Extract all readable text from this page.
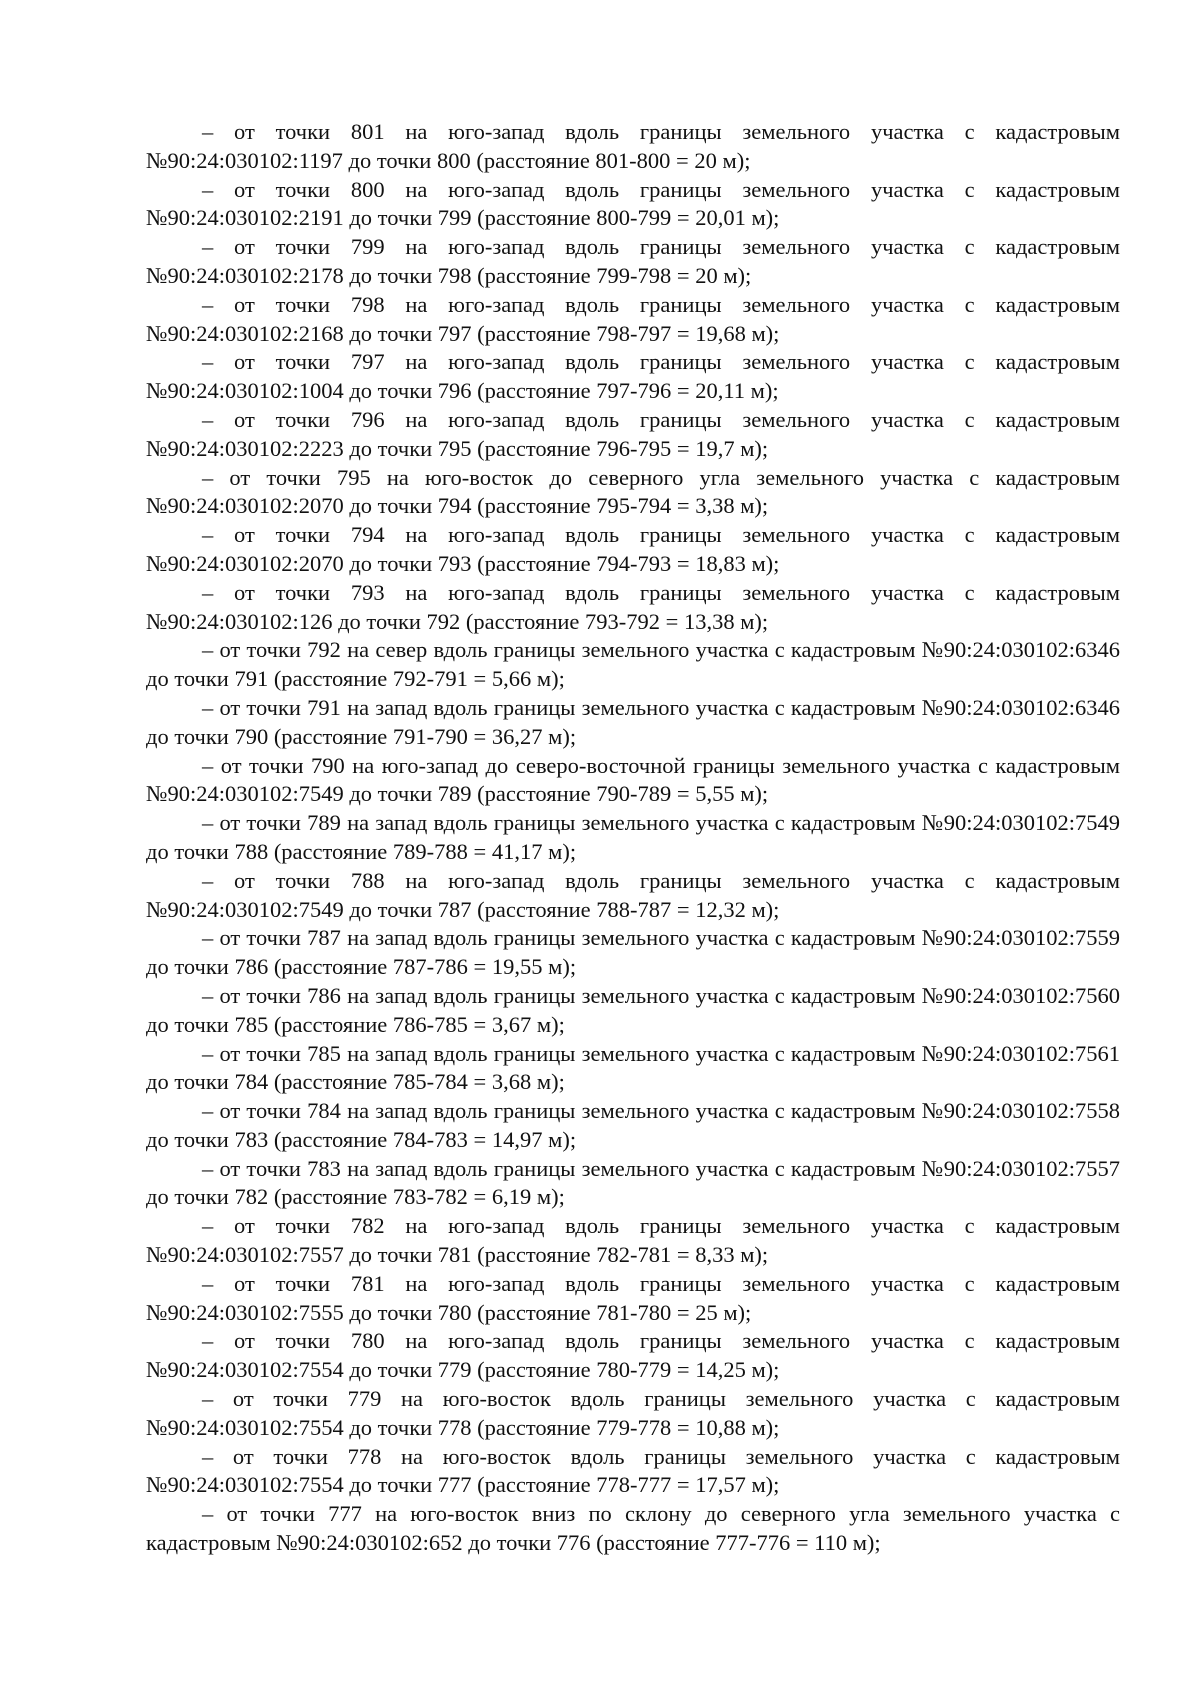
– от точки 801 на юго-запад вдоль границы земельного участка с кадастровым №90:24:030102:1197 до точки 800 (расстояние 801-800 = 20 м);

– от точки 800 на юго-запад вдоль границы земельного участка с кадастровым №90:24:030102:2191 до точки 799 (расстояние 800-799 = 20,01 м);

– от точки 799 на юго-запад вдоль границы земельного участка с кадастровым №90:24:030102:2178 до точки 798 (расстояние 799-798 = 20 м);

– от точки 798 на юго-запад вдоль границы земельного участка с кадастровым №90:24:030102:2168 до точки 797 (расстояние 798-797 = 19,68 м);

– от точки 797 на юго-запад вдоль границы земельного участка с кадастровым №90:24:030102:1004 до точки 796 (расстояние 797-796 = 20,11 м);

– от точки 796 на юго-запад вдоль границы земельного участка с кадастровым №90:24:030102:2223 до точки 795 (расстояние 796-795 = 19,7 м);

– от точки 795 на юго-восток до северного угла земельного участка с кадастровым №90:24:030102:2070 до точки 794 (расстояние 795-794 = 3,38 м);

– от точки 794 на юго-запад вдоль границы земельного участка с кадастровым №90:24:030102:2070 до точки 793 (расстояние 794-793 = 18,83 м);

– от точки 793 на юго-запад вдоль границы земельного участка с кадастровым №90:24:030102:126 до точки 792 (расстояние 793-792 = 13,38 м);

– от точки 792 на север вдоль границы земельного участка с кадастровым №90:24:030102:6346 до точки 791 (расстояние 792-791 = 5,66 м);

– от точки 791 на запад вдоль границы земельного участка с кадастровым №90:24:030102:6346 до точки 790 (расстояние 791-790 = 36,27 м);

– от точки 790 на юго-запад до северо-восточной границы земельного участка с кадастровым №90:24:030102:7549 до точки 789 (расстояние 790-789 = 5,55 м);

– от точки 789 на запад вдоль границы земельного участка с кадастровым №90:24:030102:7549 до точки 788 (расстояние 789-788 = 41,17 м);

– от точки 788 на юго-запад вдоль границы земельного участка с кадастровым №90:24:030102:7549 до точки 787 (расстояние 788-787 = 12,32 м);

– от точки 787 на запад вдоль границы земельного участка с кадастровым №90:24:030102:7559 до точки 786 (расстояние 787-786 = 19,55 м);

– от точки 786 на запад вдоль границы земельного участка с кадастровым №90:24:030102:7560 до точки 785 (расстояние 786-785 = 3,67 м);

– от точки 785 на запад вдоль границы земельного участка с кадастровым №90:24:030102:7561 до точки 784 (расстояние 785-784 = 3,68 м);

– от точки 784 на запад вдоль границы земельного участка с кадастровым №90:24:030102:7558 до точки 783 (расстояние 784-783 = 14,97 м);

– от точки 783 на запад вдоль границы земельного участка с кадастровым №90:24:030102:7557 до точки 782 (расстояние 783-782 = 6,19 м);

– от точки 782 на юго-запад вдоль границы земельного участка с кадастровым №90:24:030102:7557 до точки 781 (расстояние 782-781 = 8,33 м);

– от точки 781 на юго-запад вдоль границы земельного участка с кадастровым №90:24:030102:7555 до точки 780 (расстояние 781-780 = 25 м);

– от точки 780 на юго-запад вдоль границы земельного участка с кадастровым №90:24:030102:7554 до точки 779 (расстояние 780-779 = 14,25 м);

– от точки 779 на юго-восток вдоль границы земельного участка с кадастровым №90:24:030102:7554 до точки 778 (расстояние 779-778 = 10,88 м);

– от точки 778 на юго-восток вдоль границы земельного участка с кадастровым №90:24:030102:7554 до точки 777 (расстояние 778-777 = 17,57 м);

– от точки 777 на юго-восток вниз по склону до северного угла земельного участка с кадастровым №90:24:030102:652 до точки 776 (расстояние 777-776 = 110 м);
